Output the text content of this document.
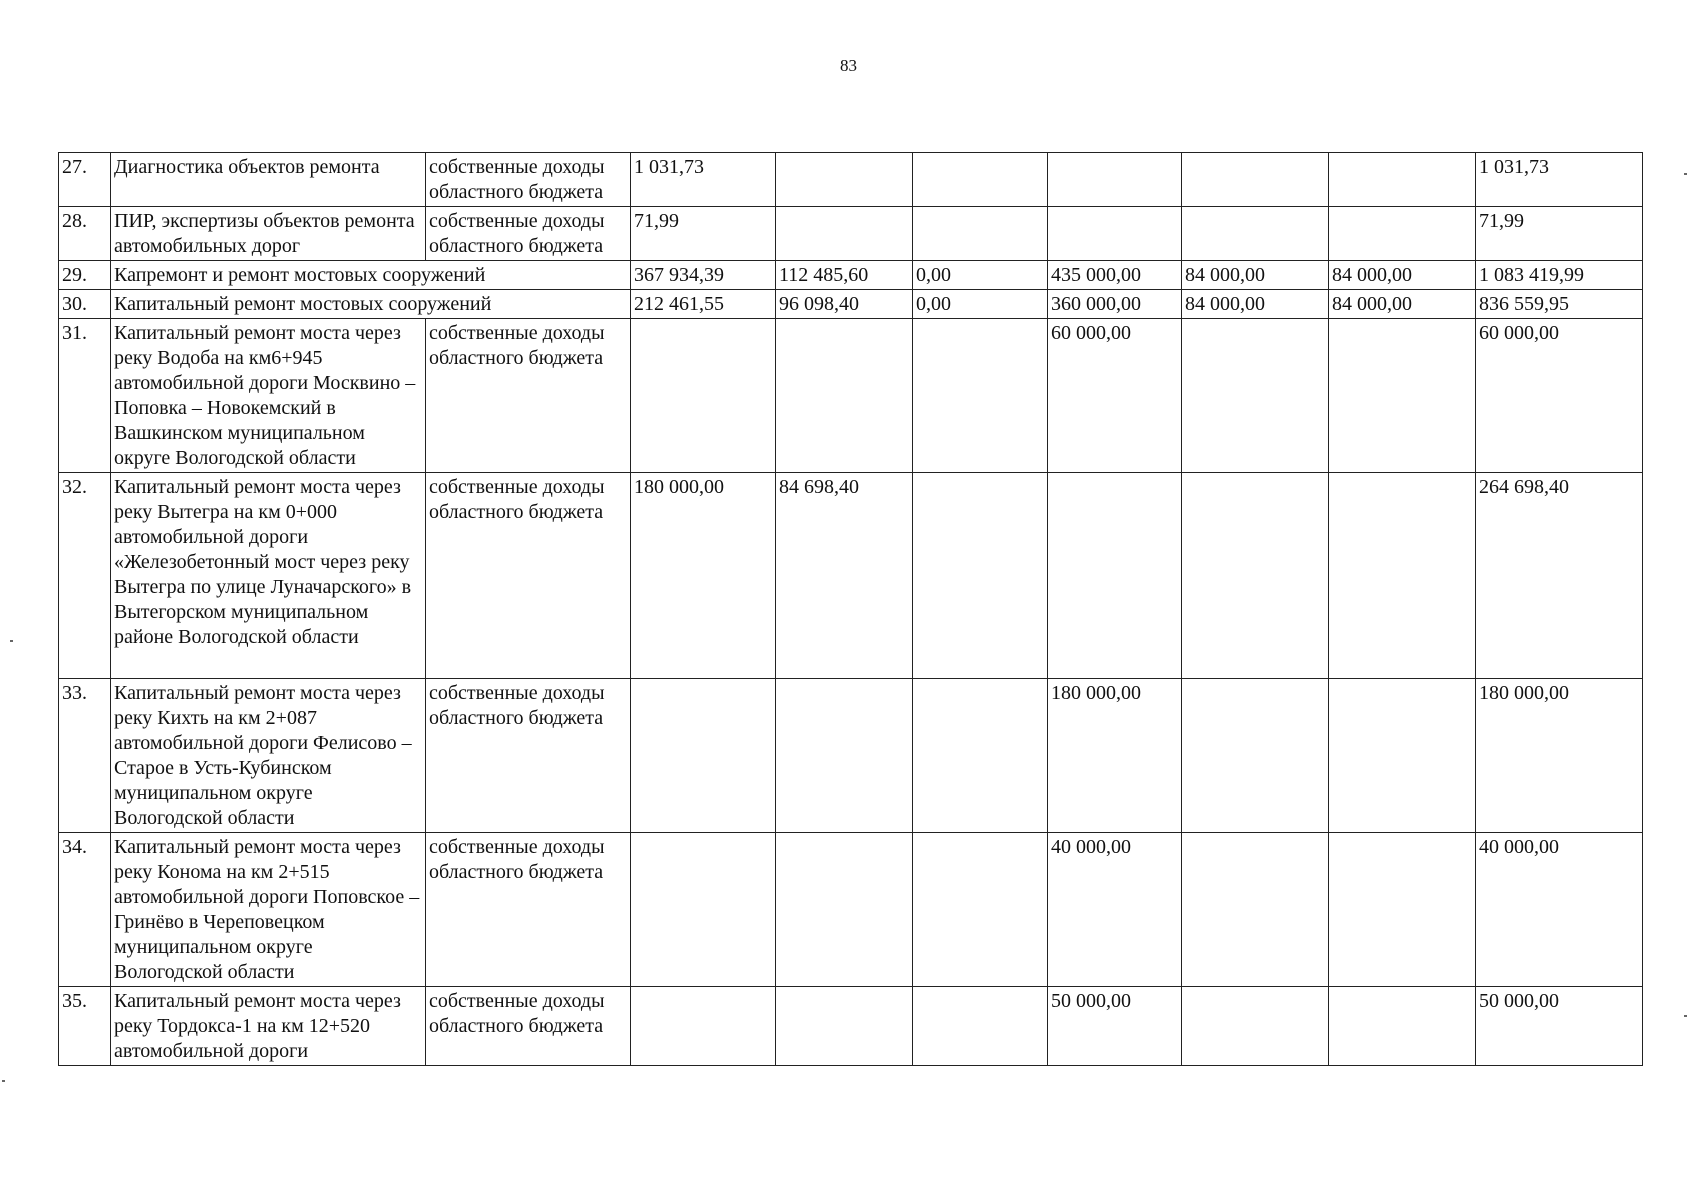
83
27.	Диагностика объектов ремонта	собственные доходы областного бюджета	1 031,73						1 031,73
28.	ПИР, экспертизы объектов ремонта автомобильных дорог	собственные доходы областного бюджета	71,99						71,99
29.	Капремонт и ремонт мостовых сооружений		367 934,39	112 485,60	0,00	435 000,00	84 000,00	84 000,00	1 083 419,99
30.	Капитальный ремонт мостовых сооружений		212 461,55	96 098,40	0,00	360 000,00	84 000,00	84 000,00	836 559,95
31.	Капитальный ремонт моста через реку Водоба на км6+945 автомобильной дороги Москвино – Поповка – Новокемский в Вашкинском муниципальном округе Вологодской области	собственные доходы областного бюджета				60 000,00			60 000,00
32.	Капитальный ремонт моста через реку Вытегра на км 0+000 автомобильной дороги «Железобетонный мост через реку Вытегра по улице Луначарского» в Вытегорском муниципальном районе Вологодской области	собственные доходы областного бюджета	180 000,00	84 698,40					264 698,40
33.	Капитальный ремонт моста через реку Кихть на км 2+087 автомобильной дороги Фелисово – Старое в Усть-Кубинском муниципальном округе Вологодской области	собственные доходы областного бюджета				180 000,00			180 000,00
34.	Капитальный ремонт моста через реку Конома на км 2+515 автомобильной дороги Поповское – Гринёво в Череповецком муниципальном округе Вологодской области	собственные доходы областного бюджета				40 000,00			40 000,00
35.	Капитальный ремонт моста через реку Тордокса-1 на км 12+520 автомобильной дороги	собственные доходы областного бюджета				50 000,00			50 000,00
